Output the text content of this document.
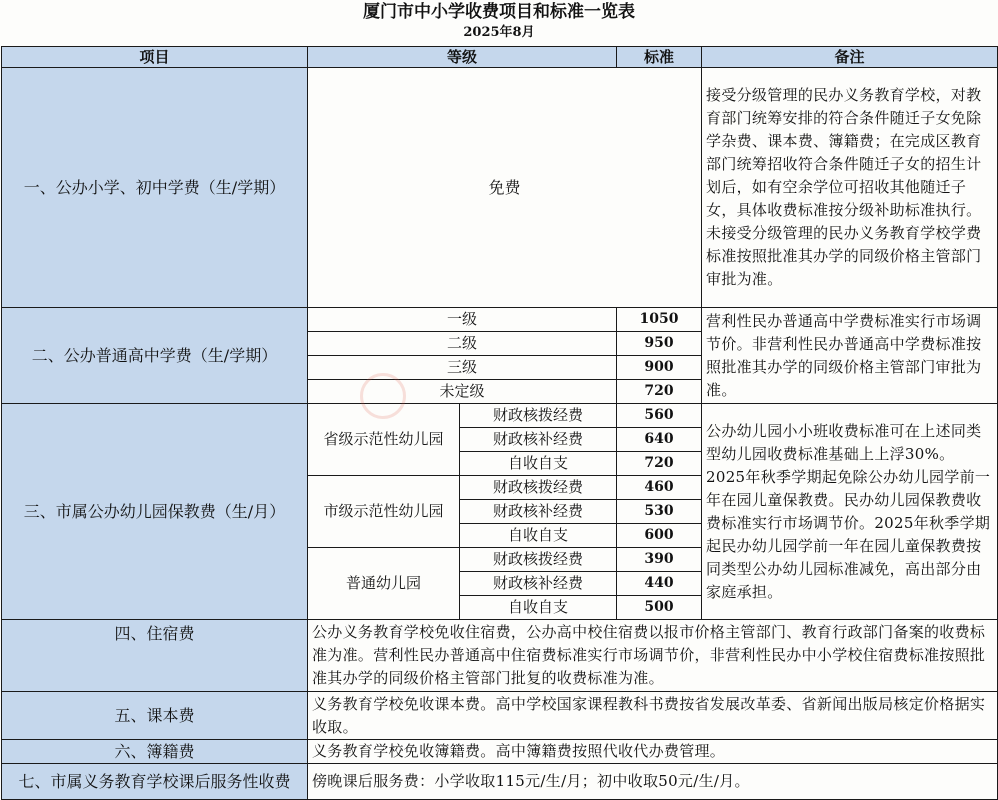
厦门市中小学收费项目和标准一览表
2025年8月
项目	等级		标准	备注
一、公办小学、初中学费（生/学期）	免费			接受分级管理的民办义务教育学校，对教育部门统筹安排的符合条件随迁子女免除学杂费、课本费、簿籍费；在完成区教育部门统筹招收符合条件随迁子女的招生计划后，如有空余学位可招收其他随迁子女，具体收费标准按分级补助标准执行。未接受分级管理的民办义务教育学校学费标准按照批准其办学的同级价格主管部门审批为准。
二、公办普通高中学费（生/学期）	一级		1050	营利性民办普通高中学费标准实行市场调节价。非营利性民办普通高中学费标准按照批准其办学的同级价格主管部门审批为准。
	二级		950	
	三级		900	
	未定级		720	
三、市属公办幼儿园保教费（生/月）	省级示范性幼儿园	财政核拨经费	560	公办幼儿园小小班收费标准可在上述同类型幼儿园收费标准基础上上浮30%。2025年秋季学期起免除公办幼儿园学前一年在园儿童保教费。民办幼儿园保教费收费标准实行市场调节价。2025年秋季学期起民办幼儿园学前一年在园儿童保教费按同类型公办幼儿园标准减免，高出部分由家庭承担。
		财政核补经费	640	
		自收自支	720	
	市级示范性幼儿园	财政核拨经费	460	
		财政核补经费	530	
		自收自支	600	
	普通幼儿园	财政核拨经费	390	
		财政核补经费	440	
		自收自支	500	
四、住宿费	公办义务教育学校免收住宿费，公办高中校住宿费以报市价格主管部门、教育行政部门备案的收费标准为准。营利性民办普通高中住宿费标准实行市场调节价，非营利性民办中小学校住宿费标准按照批准其办学的同级价格主管部门批复的收费标准为准。			
五、课本费	义务教育学校免收课本费。高中学校国家课程教科书费按省发展改革委、省新闻出版局核定价格据实收取。			
六、簿籍费	义务教育学校免收簿籍费。高中簿籍费按照代收代办费管理。			
七、市属义务教育学校课后服务性收费	傍晚课后服务费：小学收取115元/生/月；初中收取50元/生/月。			
